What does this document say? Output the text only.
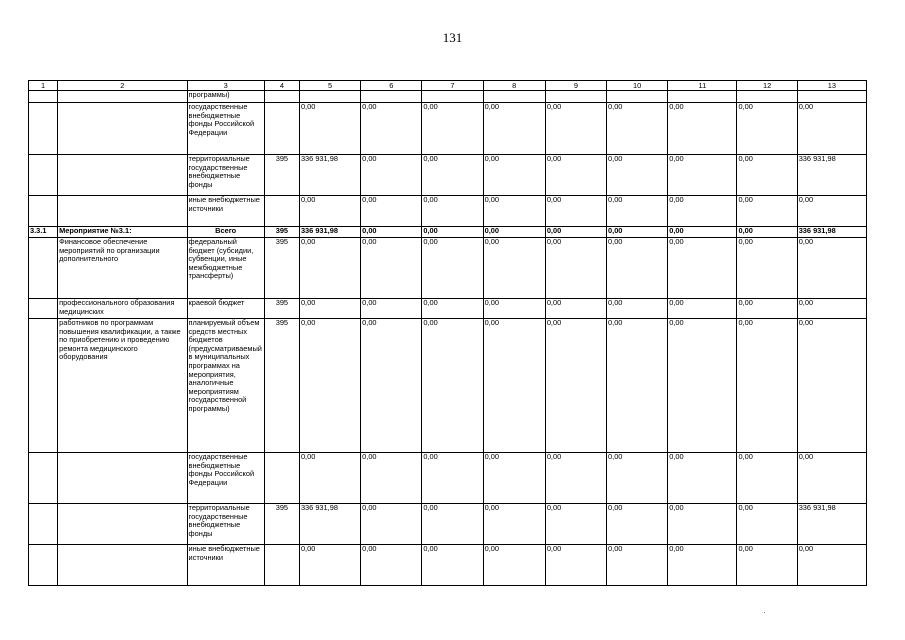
131
1	2	3	4	5	6	7	8	9	10	11	12	13
		программы)										
		государственные внебюджетные фонды Российской Федерации		0,00	0,00	0,00	0,00	0,00	0,00	0,00	0,00	0,00
		территориальные государственные внебюджетные фонды	395	336 931,98	0,00	0,00	0,00	0,00	0,00	0,00	0,00	336 931,98
		иные внебюджетные источники		0,00	0,00	0,00	0,00	0,00	0,00	0,00	0,00	0,00
3.3.1	Мероприятие №3.1:	Всего	395	336 931,98	0,00	0,00	0,00	0,00	0,00	0,00	0,00	336 931,98
	Финансовое обеспечение мероприятий по организации дополнительного	федеральный бюджет (субсидии, субвенции, иные межбюджетные трансферты)	395	0,00	0,00	0,00	0,00	0,00	0,00	0,00	0,00	0,00
	профессионального образования медицинских	краевой бюджет	395	0,00	0,00	0,00	0,00	0,00	0,00	0,00	0,00	0,00
	работников по программам повышения квалификации, а также по приобретению и проведению ремонта медицинского оборудования	планируемый объем средств местных бюджетов (предусматриваемый в муниципальных программах на мероприятия, аналогичные мероприятиям государственной программы)	395	0,00	0,00	0,00	0,00	0,00	0,00	0,00	0,00	0,00
		государственные внебюджетные фонды Российской Федерации		0,00	0,00	0,00	0,00	0,00	0,00	0,00	0,00	0,00
		территориальные государственные внебюджетные фонды	395	336 931,98	0,00	0,00	0,00	0,00	0,00	0,00	0,00	336 931,98
		иные внебюджетные источники		0,00	0,00	0,00	0,00	0,00	0,00	0,00	0,00	0,00
